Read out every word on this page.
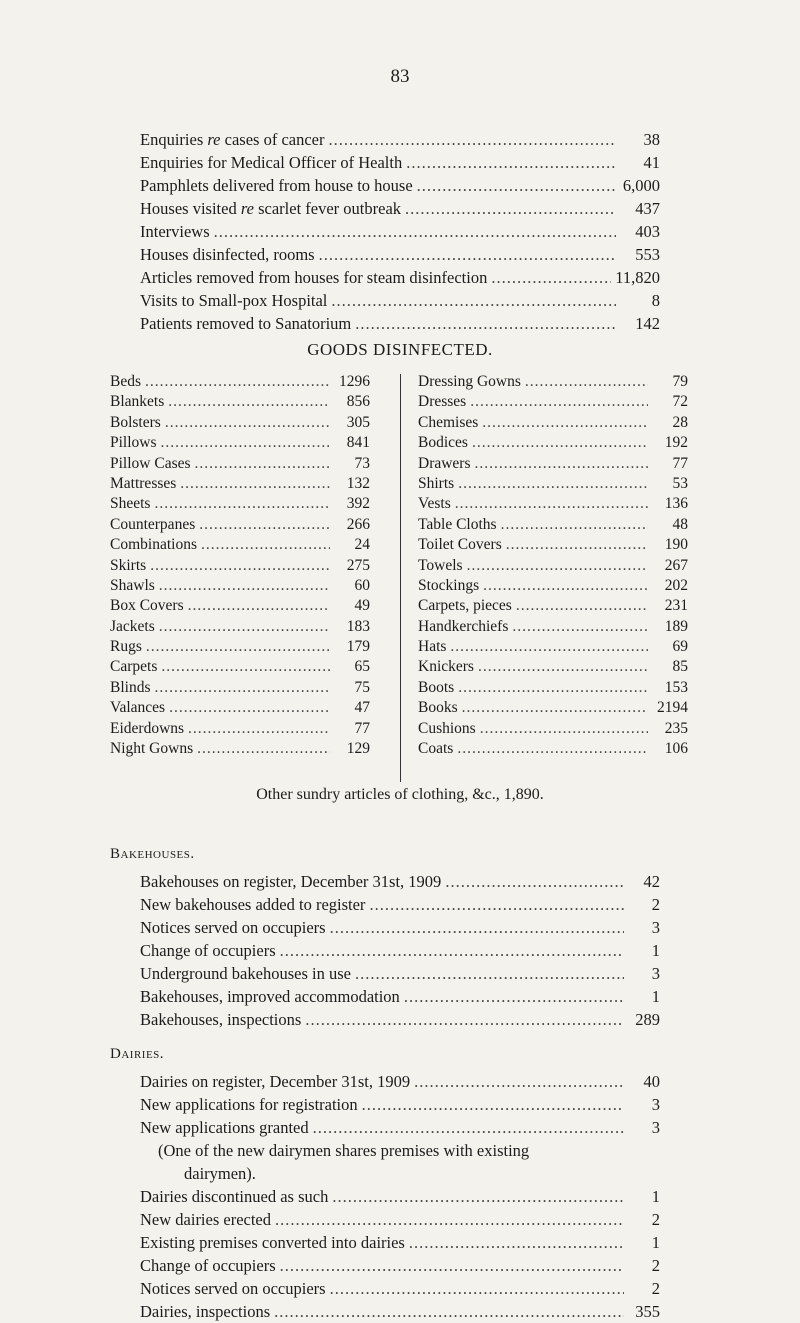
83
Enquiries re cases of cancer .....	38
Enquiries for Medical Officer of Health .....	41
Pamphlets delivered from house to house .....	6,000
Houses visited re scarlet fever outbreak .....	437
Interviews .....	403
Houses disinfected, rooms .....	553
Articles removed from houses for steam disinfection .....	11,820
Visits to Small-pox Hospital .....	8
Patients removed to Sanatorium .....	142
GOODS DISINFECTED.
Beds .....	1296
Blankets .....	856
Bolsters .....	305
Pillows .....	841
Pillow Cases .....	73
Mattresses .....	132
Sheets .....	392
Counterpanes .....	266
Combinations .....	24
Skirts .....	275
Shawls .....	60
Box Covers .....	49
Jackets .....	183
Rugs .....	179
Carpets .....	65
Blinds .....	75
Valances .....	47
Eiderdowns .....	77
Night Gowns .....	129
Dressing Gowns .....	79
Dresses .....	72
Chemises .....	28
Bodices .....	192
Drawers .....	77
Shirts .....	53
Vests .....	136
Table Cloths .....	48
Toilet Covers .....	190
Towels .....	267
Stockings .....	202
Carpets, pieces .....	231
Handkerchiefs .....	189
Hats .....	69
Knickers .....	85
Boots .....	153
Books .....	2194
Cushions .....	235
Coats .....	106
Other sundry articles of clothing, &c., 1,890.
Bakehouses.
Bakehouses on register, December 31st, 1909 .....	42
New bakehouses added to register .....	2
Notices served on occupiers .....	3
Change of occupiers .....	1
Underground bakehouses in use .....	3
Bakehouses, improved accommodation .....	1
Bakehouses, inspections .....	289
Dairies.
Dairies on register, December 31st, 1909 .....	40
New applications for registration .....	3
New applications granted .....	3
(One of the new dairymen shares premises with existing
dairymen).
Dairies discontinued as such .....	1
New dairies erected .....	2
Existing premises converted into dairies .....	1
Change of occupiers .....	2
Notices served on occupiers .....	2
Dairies, inspections .....	355
